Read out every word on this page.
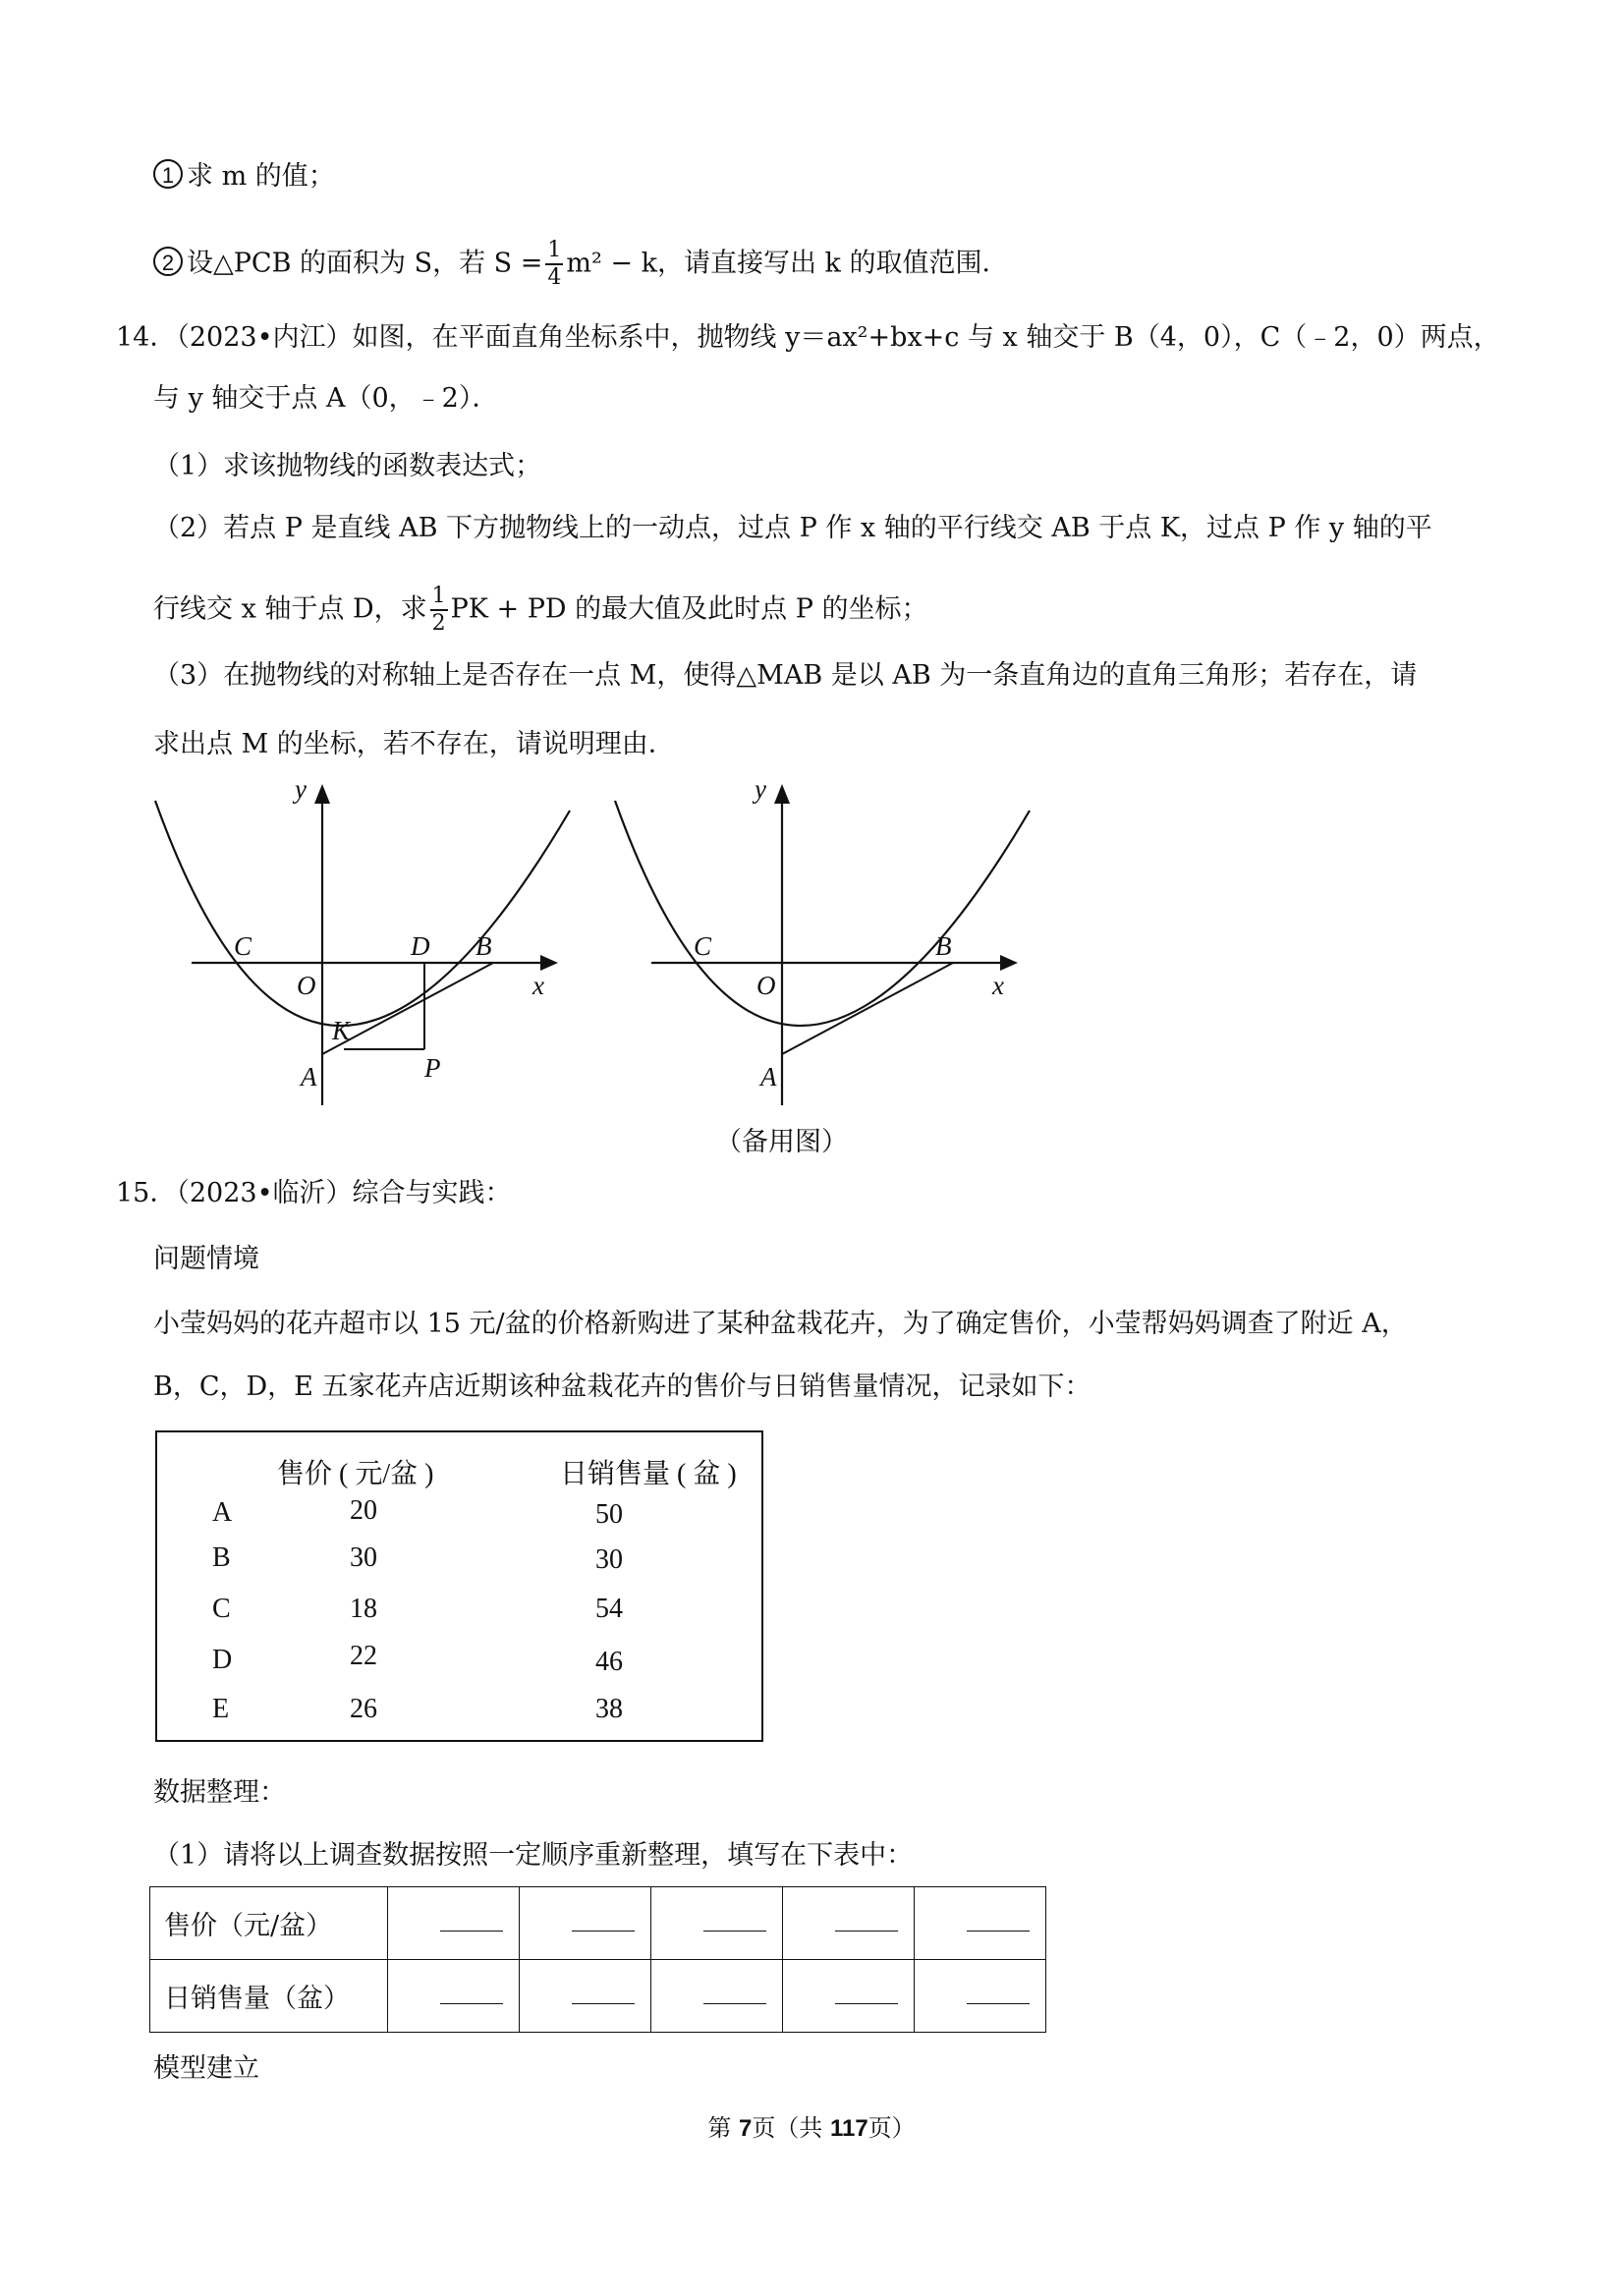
1 求 m 的值；
2 设△PCB 的面积为 S，若 $S = \frac{1}{4} m^2 - k$，请直接写出 k 的取值范围．
14．（2023•内江）如图，在平面直角坐标系中，抛物线 y＝ax²+bx+c 与 x 轴交于 B（4，0），C（﹣2，0）两点，
与 y 轴交于点 A（0，﹣2）．
（1）求该抛物线的函数表达式；
（2）若点 P 是直线 AB 下方抛物线上的一动点，过点 P 作 x 轴的平行线交 AB 于点 K，过点 P 作 y 轴的平
行线交 x 轴于点 D，求 $\frac{1}{2}$ PK + PD 的最大值及此时点 P 的坐标；
（3）在抛物线的对称轴上是否存在一点 M，使得△MAB 是以 AB 为一条直角边的直角三角形；若存在，请
求出点 M 的坐标，若不存在，请说明理由．
y
x
C
O
D B
K
A	P
y
x
C
O
B
A
（备用图）
15．（2023•临沂）综合与实践：
问题情境
小莹妈妈的花卉超市以 15 元/盆的价格新购进了某种盆栽花卉，为了确定售价，小莹帮妈妈调查了附近 A，
B，C，D，E 五家花卉店近期该种盆栽花卉的售价与日销售量情况，记录如下：
售价 ( 元/盆 )	日销售量 ( 盆 )
A	20	50
B	30	30
C	18	54
D	22	46
E	26	38
数据整理：
（1）请将以上调查数据按照一定顺序重新整理，填写在下表中：
售价（元/盆）					
日销售量（盆）					
模型建立
第 7页（共 117页）
